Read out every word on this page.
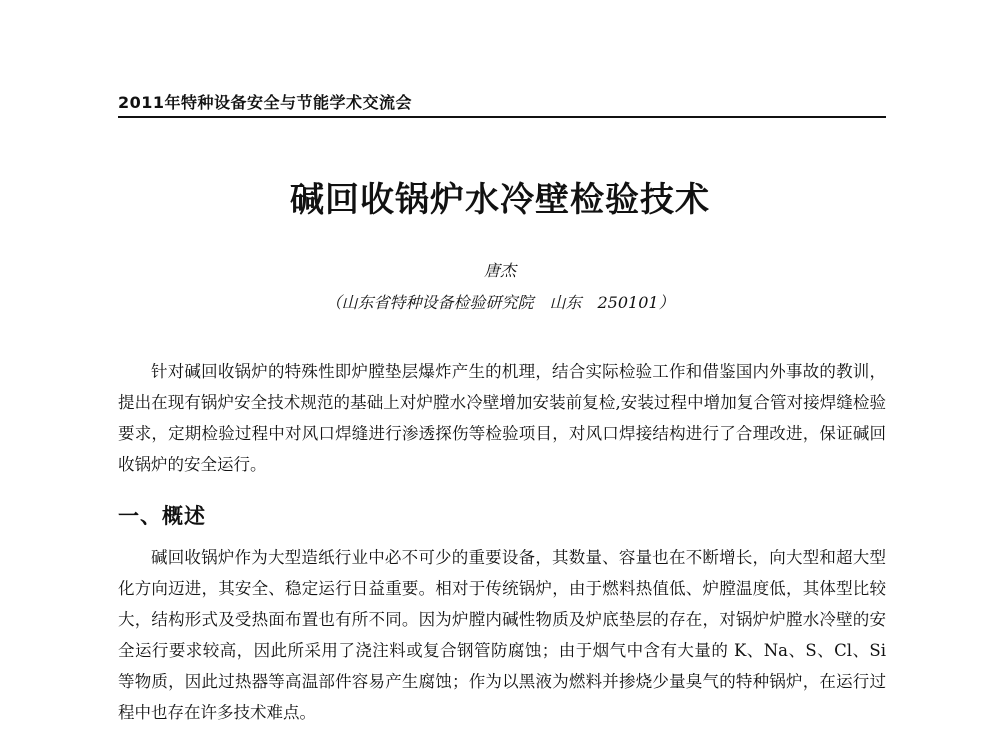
2011年特种设备安全与节能学术交流会
碱回收锅炉水冷壁检验技术
唐杰
（山东省特种设备检验研究院 山东 250101）

针对碱回收锅炉的特殊性即炉膛垫层爆炸产生的机理，结合实际检验工作和借鉴国内外事故的教训，提出在现有锅炉安全技术规范的基础上对炉膛水冷壁增加安装前复检,安装过程中增加复合管对接焊缝检验要求，定期检验过程中对风口焊缝进行渗透探伤等检验项目，对风口焊接结构进行了合理改进，保证碱回收锅炉的安全运行。

一、概述

碱回收锅炉作为大型造纸行业中必不可少的重要设备，其数量、容量也在不断增长，向大型和超大型化方向迈进，其安全、稳定运行日益重要。相对于传统锅炉，由于燃料热值低、炉膛温度低，其体型比较大，结构形式及受热面布置也有所不同。因为炉膛内碱性物质及炉底垫层的存在，对锅炉炉膛水冷壁的安全运行要求较高，因此所采用了浇注料或复合钢管防腐蚀；由于烟气中含有大量的 K、Na、S、Cl、Si 等物质，因此过热器等高温部件容易产生腐蚀；作为以黑液为燃料并掺烧少量臭气的特种锅炉，在运行过程中也存在许多技术难点。
